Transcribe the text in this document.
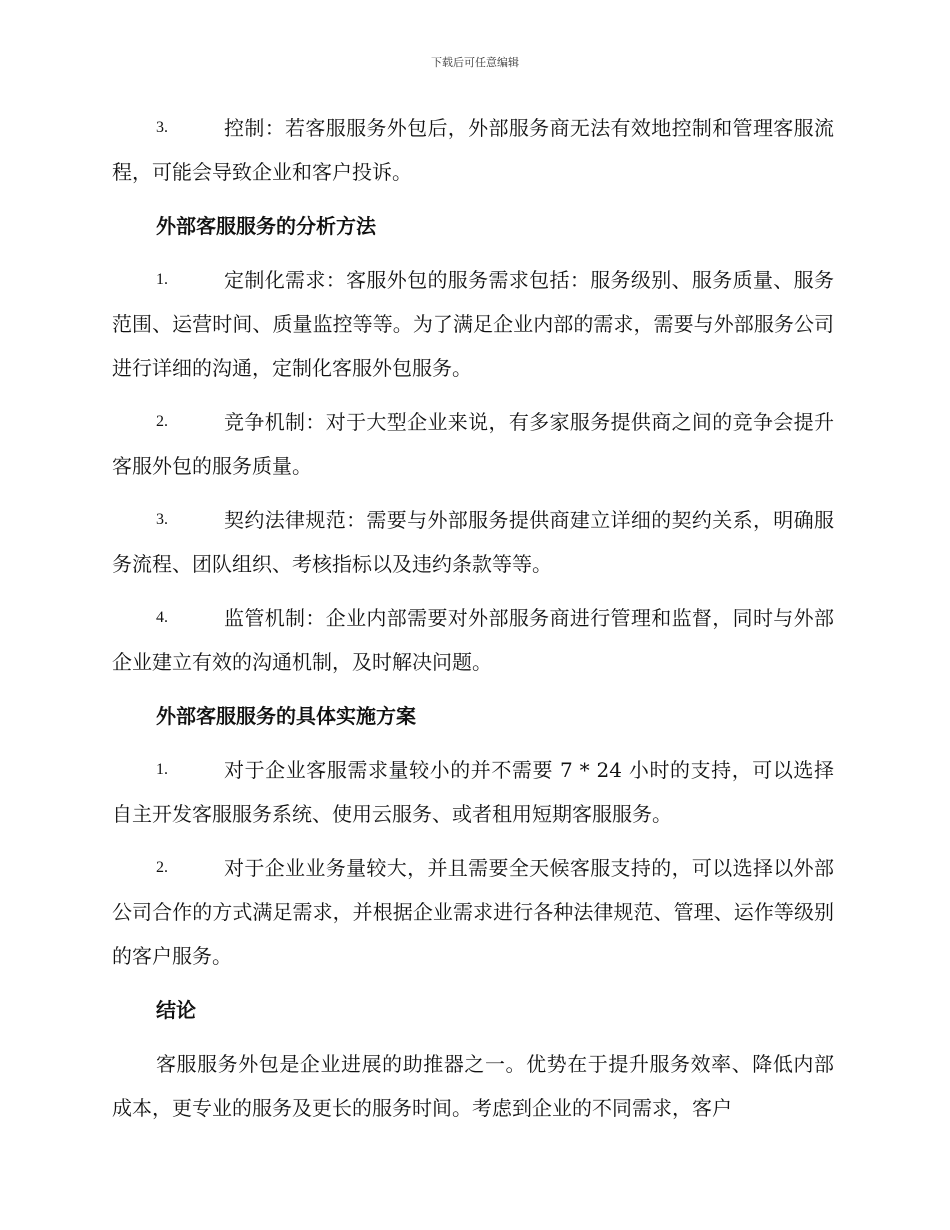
下载后可任意编辑

3.	控制：若客服服务外包后，外部服务商无法有效地控制和管理客服流程，可能会导致企业和客户投诉。

外部客服服务的分析方法

1.	定制化需求：客服外包的服务需求包括：服务级别、服务质量、服务范围、运营时间、质量监控等等。为了满足企业内部的需求，需要与外部服务公司进行详细的沟通，定制化客服外包服务。

2.	竞争机制：对于大型企业来说，有多家服务提供商之间的竞争会提升客服外包的服务质量。

3.	契约法律规范：需要与外部服务提供商建立详细的契约关系，明确服务流程、团队组织、考核指标以及违约条款等等。

4.	监管机制：企业内部需要对外部服务商进行管理和监督，同时与外部企业建立有效的沟通机制，及时解决问题。

外部客服服务的具体实施方案

1.	对于企业客服需求量较小的并不需要 7 * 24 小时的支持，可以选择自主开发客服服务系统、使用云服务、或者租用短期客服服务。

2.	对于企业业务量较大，并且需要全天候客服支持的，可以选择以外部公司合作的方式满足需求，并根据企业需求进行各种法律规范、管理、运作等级别的客户服务。

结论

客服服务外包是企业进展的助推器之一。优势在于提升服务效率、降低内部成本，更专业的服务及更长的服务时间。考虑到企业的不同需求，客户
